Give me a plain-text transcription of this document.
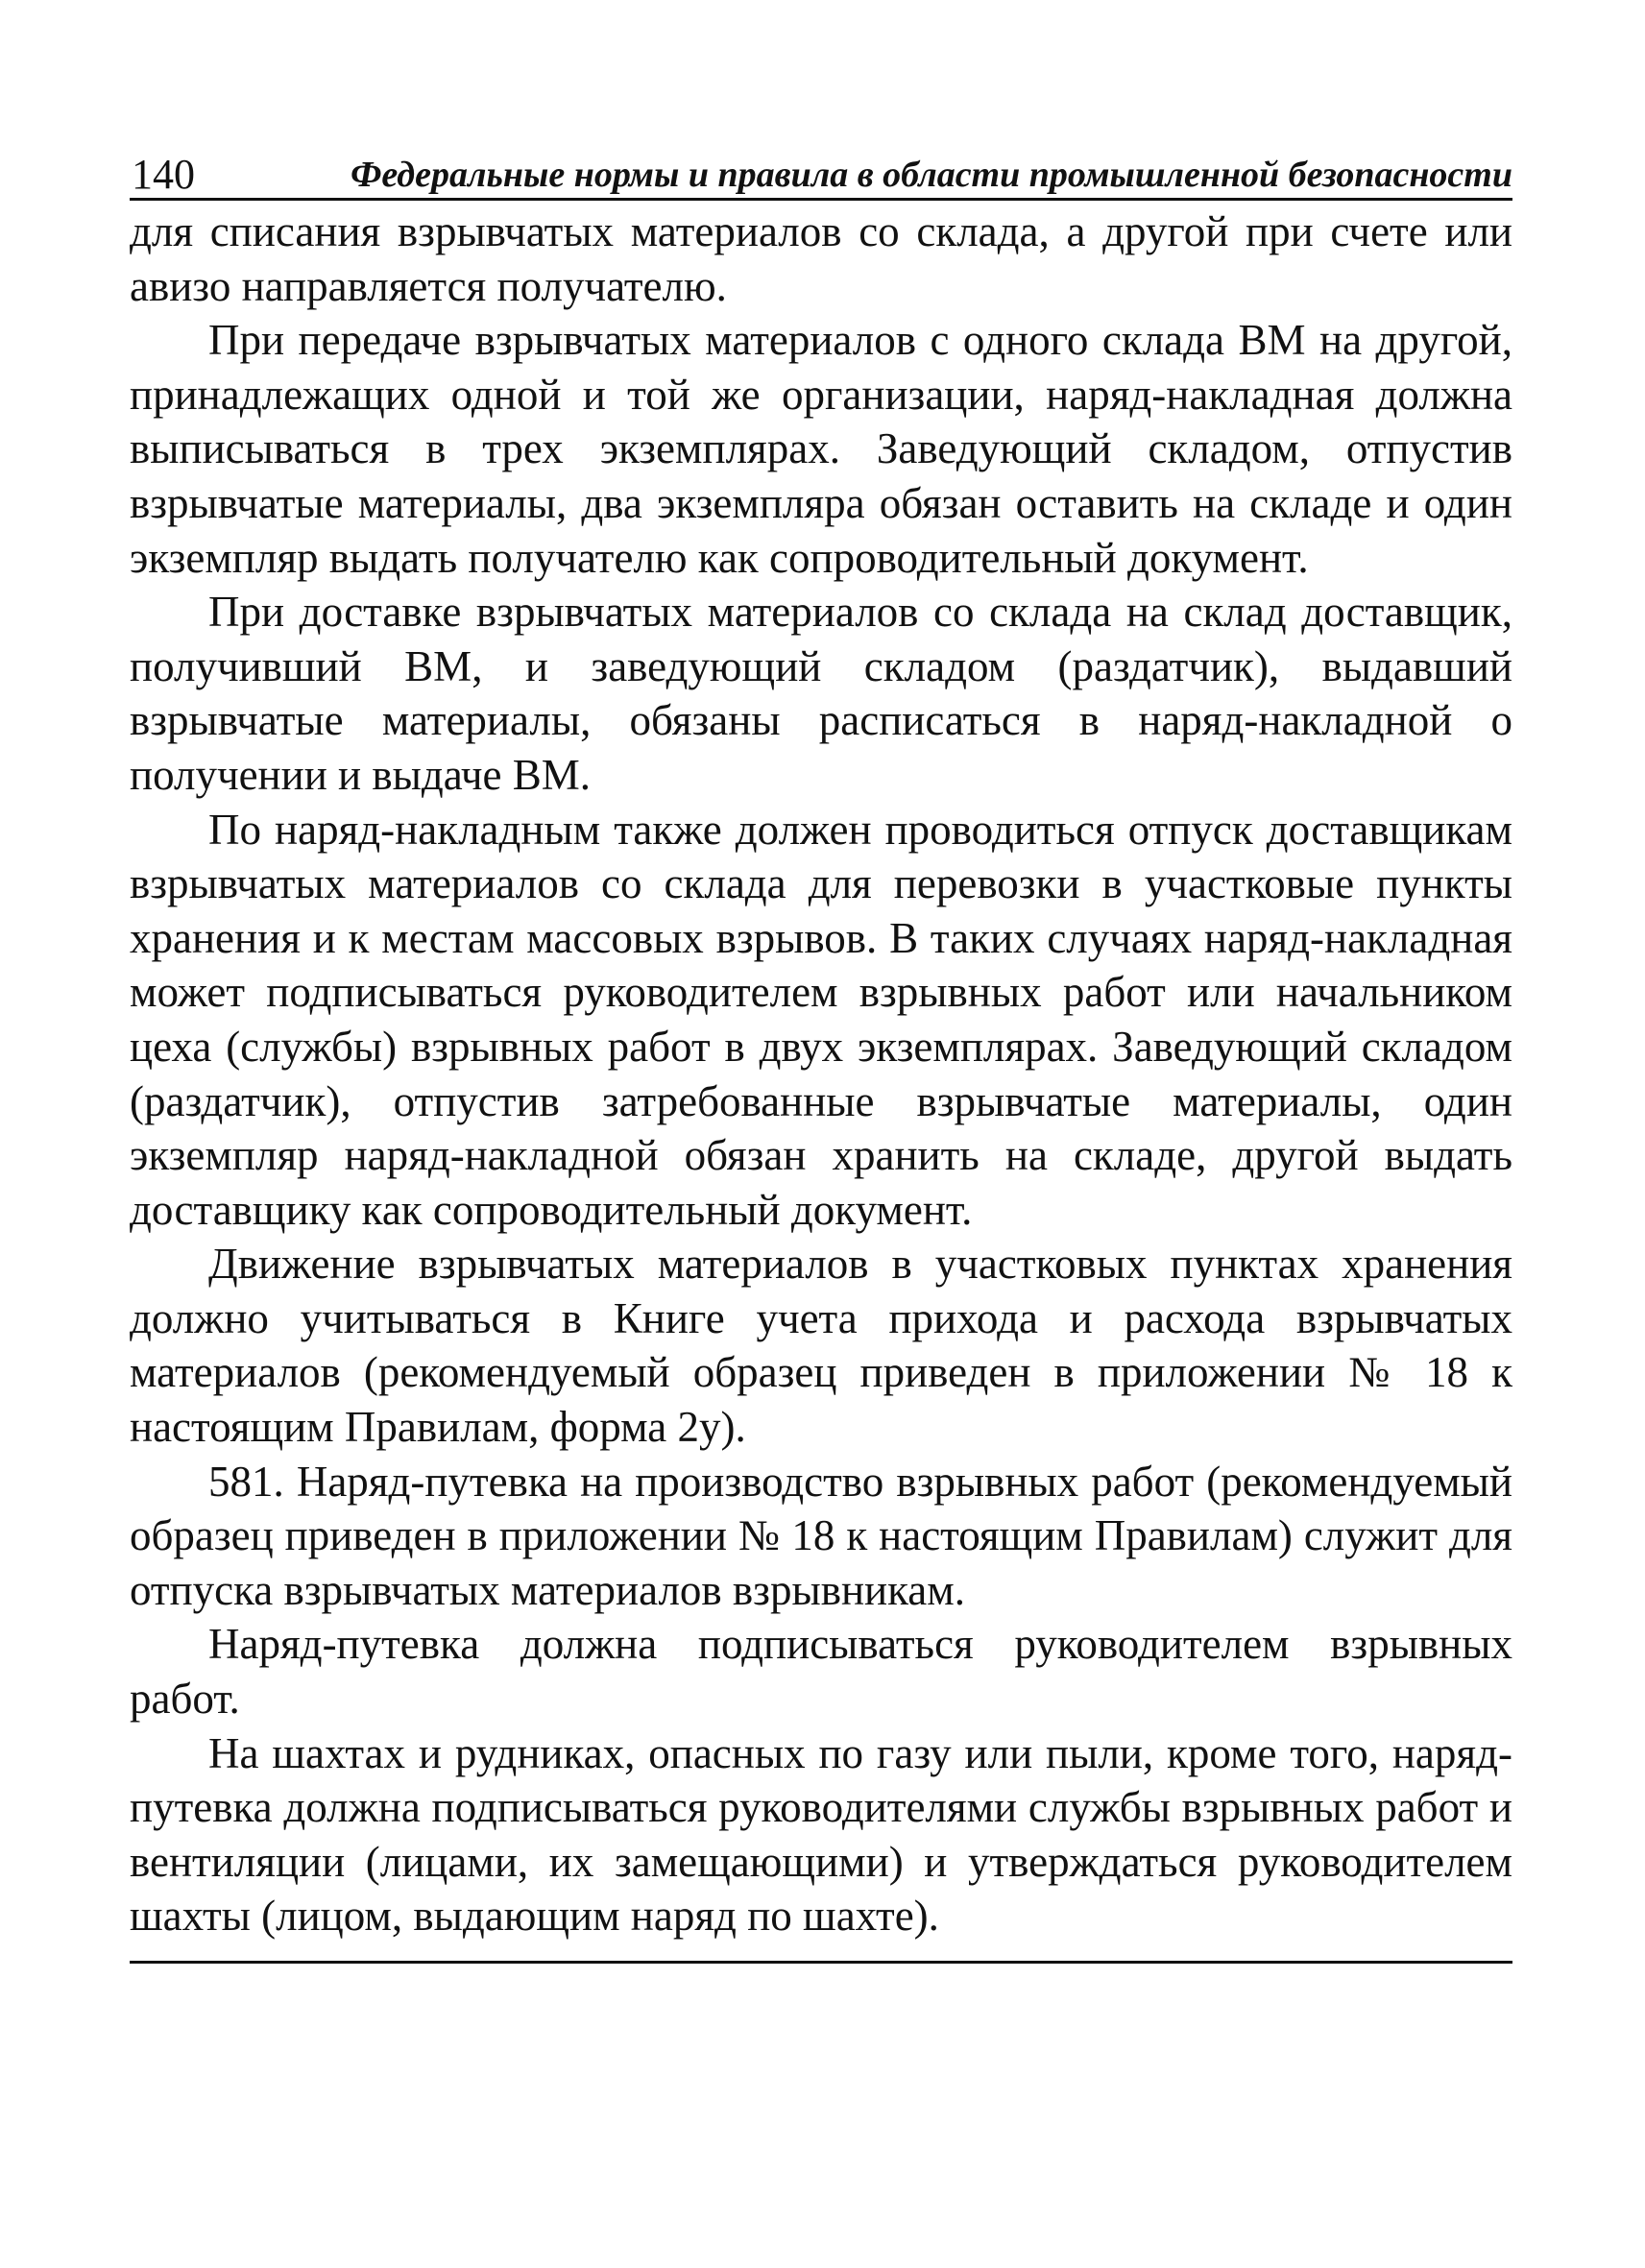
140	Федеральные нормы и правила в области промышленной безопасности

для списания взрывчатых материалов со склада, а другой при счете или авизо направляется получателю.

При передаче взрывчатых материалов с одного склада ВМ на другой, принадлежащих одной и той же организации, наряд-накладная должна выписываться в трех экземплярах. Заведующий складом, отпустив взрывчатые материалы, два экземпляра обязан оставить на складе и один экземпляр выдать получателю как сопроводительный документ.

При доставке взрывчатых материалов со склада на склад доставщик, получивший ВМ, и заведующий складом (раздатчик), выдавший взрывчатые материалы, обязаны расписаться в наряд-накладной о получении и выдаче ВМ.

По наряд-накладным также должен проводиться отпуск доставщикам взрывчатых материалов со склада для перевозки в участковые пункты хранения и к местам массовых взрывов. В таких случаях наряд-накладная может подписываться руководителем взрывных работ или начальником цеха (службы) взрывных работ в двух экземплярах. Заведующий складом (раздатчик), отпустив затребованные взрывчатые материалы, один экземпляр наряд-накладной обязан хранить на складе, другой выдать доставщику как сопроводительный документ.

Движение взрывчатых материалов в участковых пунктах хранения должно учитываться в Книге учета прихода и расхода взрывчатых материалов (рекомендуемый образец приведен в приложении № 18 к настоящим Правилам, форма 2у).

581. Наряд-путевка на производство взрывных работ (рекомендуемый образец приведен в приложении № 18 к настоящим Правилам) служит для отпуска взрывчатых материалов взрывникам.

Наряд-путевка должна подписываться руководителем взрывных работ.

На шахтах и рудниках, опасных по газу или пыли, кроме того, наряд-путевка должна подписываться руководителями службы взрывных работ и вентиляции (лицами, их замещающими) и утверждаться руководителем шахты (лицом, выдающим наряд по шахте).
